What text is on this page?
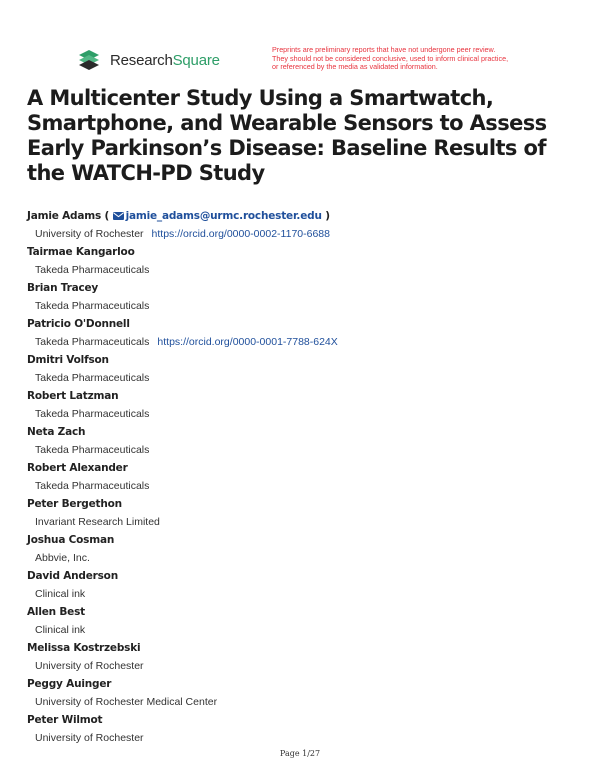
ResearchSquare
Preprints are preliminary reports that have not undergone peer review.
They should not be considered conclusive, used to inform clinical practice,
or referenced by the media as validated information.
A Multicenter Study Using a Smartwatch, Smartphone, and Wearable Sensors to Assess Early Parkinson’s Disease: Baseline Results of the WATCH-PD Study
Jamie Adams ( jamie_adams@urmc.rochester.edu )
University of Rochester https://orcid.org/0000-0002-1170-6688
Tairmae Kangarloo
Takeda Pharmaceuticals
Brian Tracey
Takeda Pharmaceuticals
Patricio O'Donnell
Takeda Pharmaceuticals https://orcid.org/0000-0001-7788-624X
Dmitri Volfson
Takeda Pharmaceuticals
Robert Latzman
Takeda Pharmaceuticals
Neta Zach
Takeda Pharmaceuticals
Robert Alexander
Takeda Pharmaceuticals
Peter Bergethon
Invariant Research Limited
Joshua Cosman
Abbvie, Inc.
David Anderson
Clinical ink
Allen Best
Clinical ink
Melissa Kostrzebski
University of Rochester
Peggy Auinger
University of Rochester Medical Center
Peter Wilmot
University of Rochester
Page 1/27
